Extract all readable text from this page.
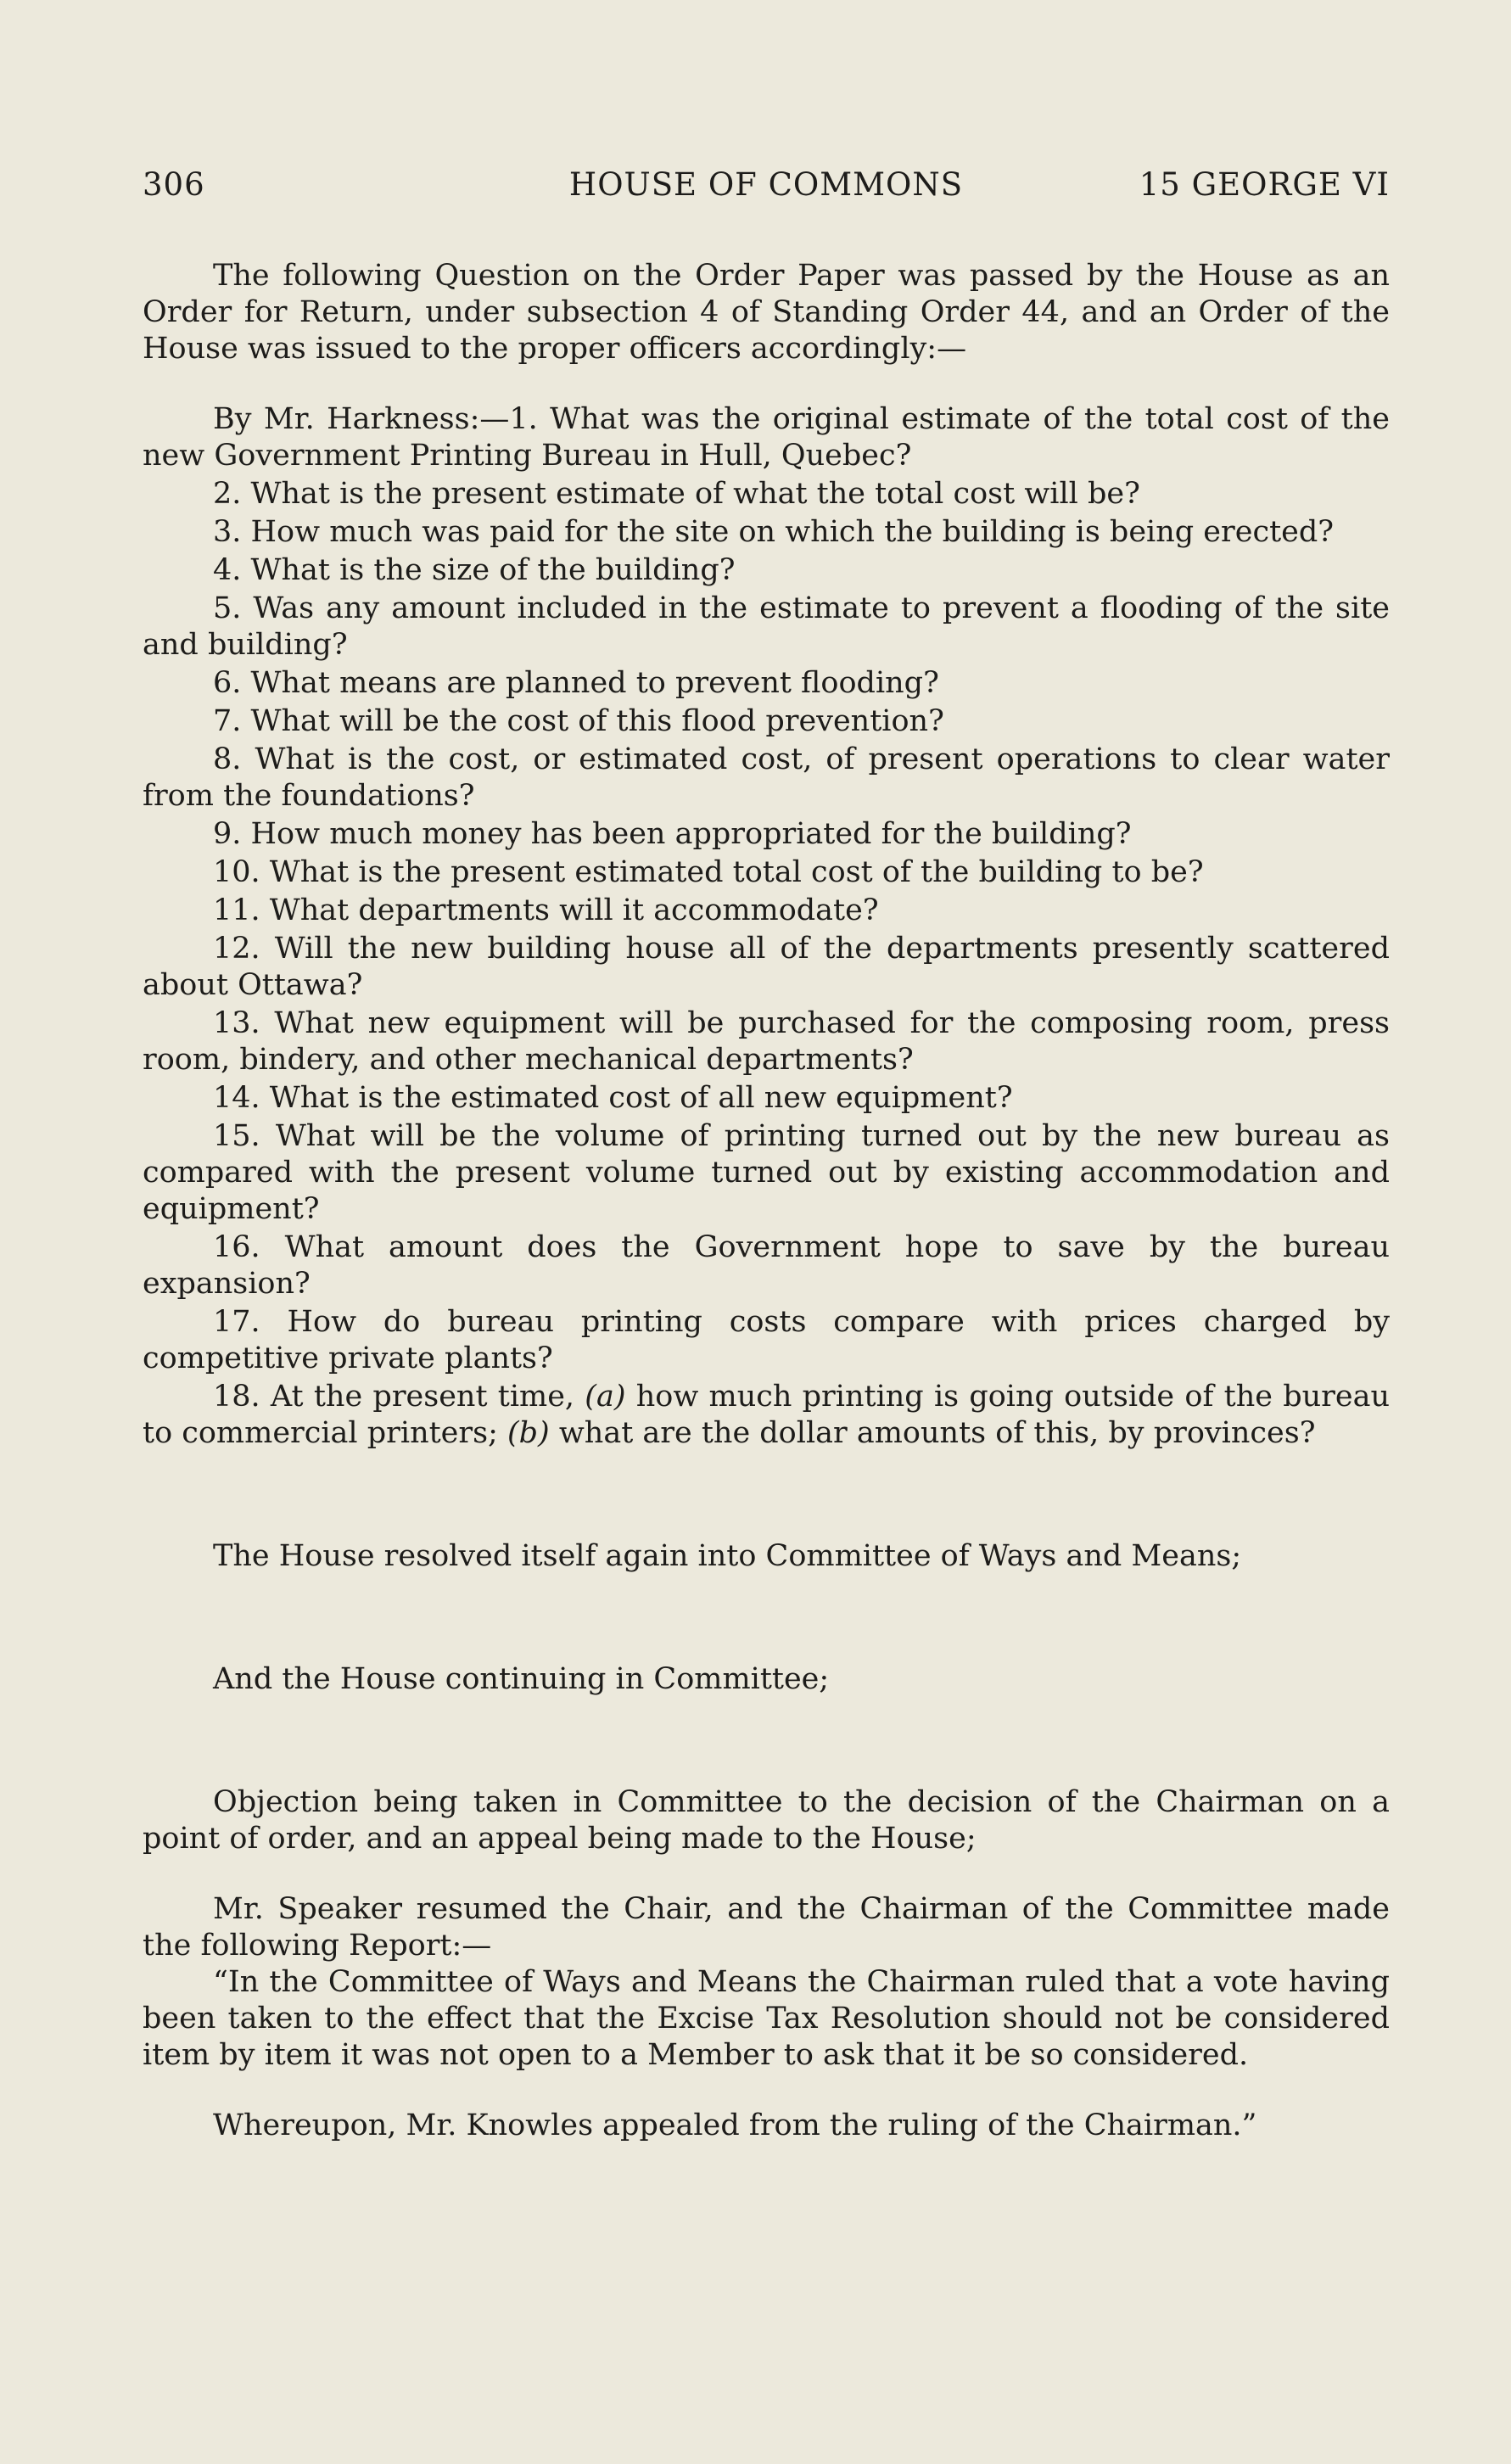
306	HOUSE OF COMMONS	15 GEORGE VI

The following Question on the Order Paper was passed by the House as an Order for Return, under subsection 4 of Standing Order 44, and an Order of the House was issued to the proper officers accordingly:—

By Mr. Harkness:—1. What was the original estimate of the total cost of the new Government Printing Bureau in Hull, Quebec?

2. What is the present estimate of what the total cost will be?

3. How much was paid for the site on which the building is being erected?

4. What is the size of the building?

5. Was any amount included in the estimate to prevent a flooding of the site and building?

6. What means are planned to prevent flooding?

7. What will be the cost of this flood prevention?

8. What is the cost, or estimated cost, of present operations to clear water from the foundations?

9. How much money has been appropriated for the building?

10. What is the present estimated total cost of the building to be?

11. What departments will it accommodate?

12. Will the new building house all of the departments presently scattered about Ottawa?

13. What new equipment will be purchased for the composing room, press room, bindery, and other mechanical departments?

14. What is the estimated cost of all new equipment?

15. What will be the volume of printing turned out by the new bureau as compared with the present volume turned out by existing accommodation and equipment?

16. What amount does the Government hope to save by the bureau expansion?

17. How do bureau printing costs compare with prices charged by competitive private plants?

18. At the present time, (a) how much printing is going outside of the bureau to commercial printers; (b) what are the dollar amounts of this, by provinces?

The House resolved itself again into Committee of Ways and Means;

And the House continuing in Committee;

Objection being taken in Committee to the decision of the Chairman on a point of order, and an appeal being made to the House;

Mr. Speaker resumed the Chair, and the Chairman of the Committee made the following Report:—

“In the Committee of Ways and Means the Chairman ruled that a vote having been taken to the effect that the Excise Tax Resolution should not be considered item by item it was not open to a Member to ask that it be so considered.

Whereupon, Mr. Knowles appealed from the ruling of the Chairman.”
